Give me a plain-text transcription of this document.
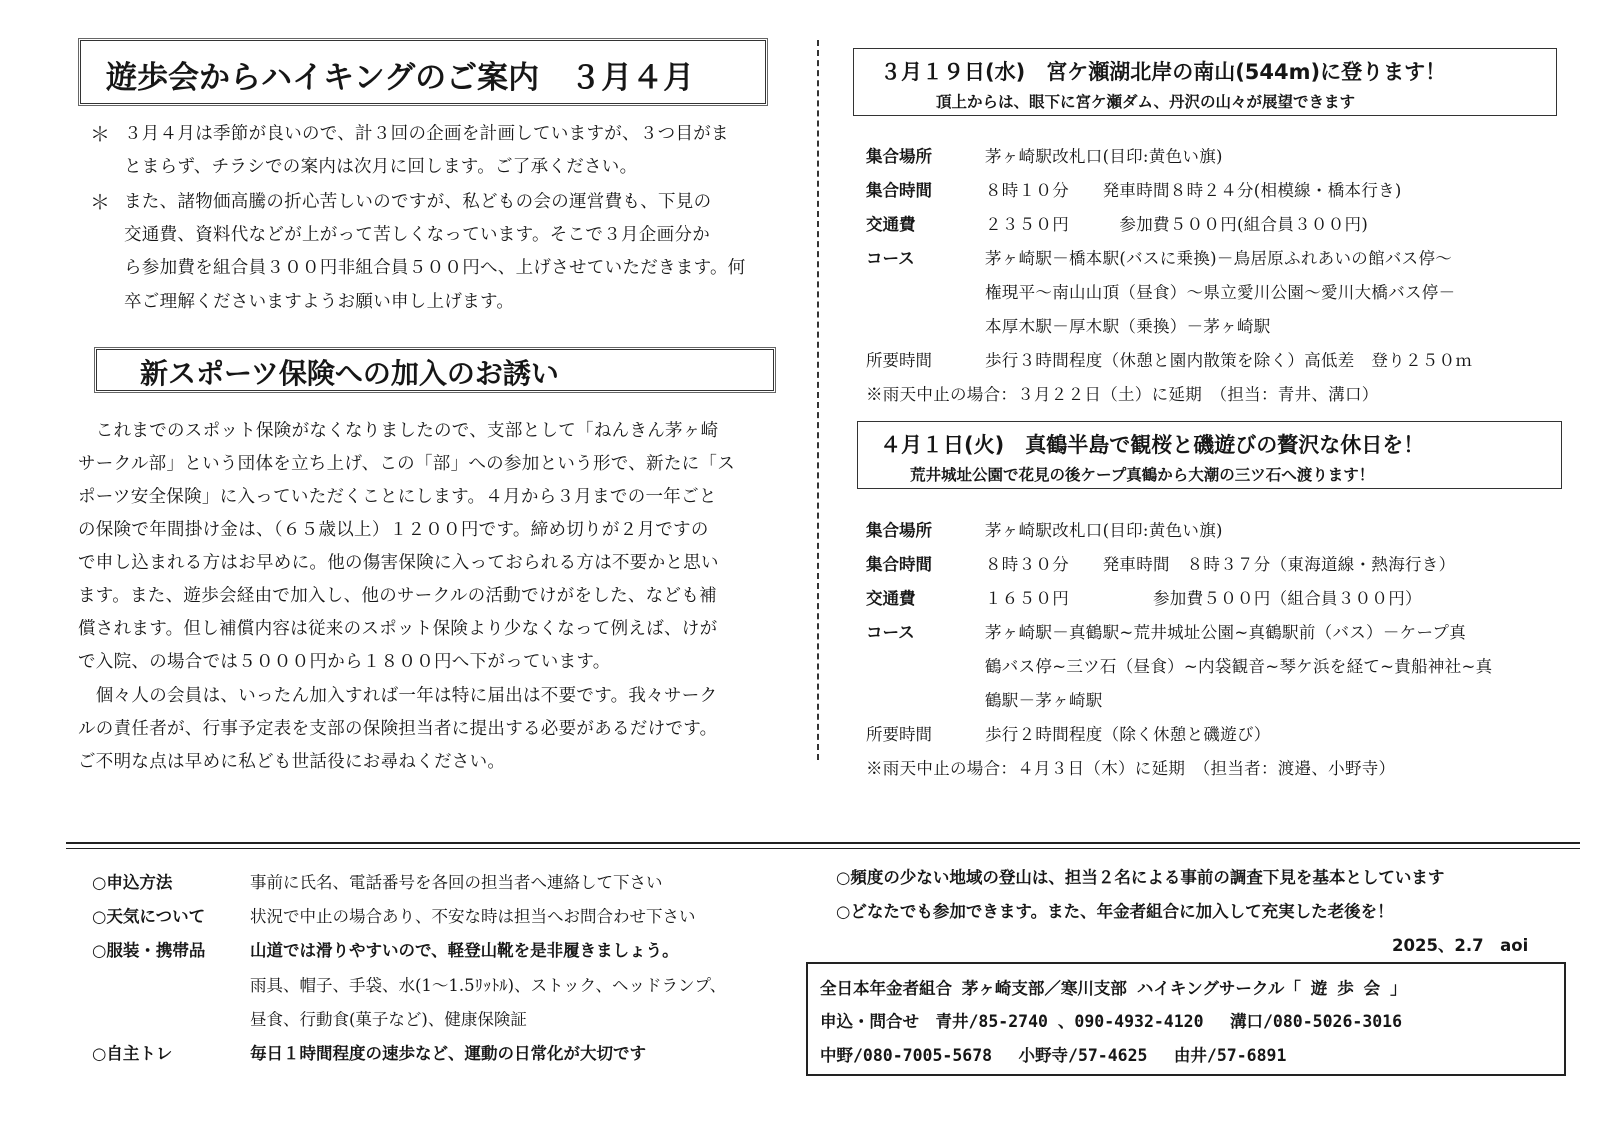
遊歩会からハイキングのご案内　３月４月
＊ ３月４月は季節が良いので、計３回の企画を計画していますが、３つ目がま
とまらず、チラシでの案内は次月に回します。ご了承ください。
＊ また、諸物価高騰の折心苦しいのですが、私どもの会の運営費も、下見の
交通費、資料代などが上がって苦しくなっています。そこで３月企画分か
ら参加費を組合員３００円非組合員５００円へ、上げさせていただきます。何
卒ご理解くださいますようお願い申し上げます。
新スポーツ保険への加入のお誘い
　これまでのスポット保険がなくなりましたので、支部として「ねんきん茅ヶ崎
サークル部」という団体を立ち上げ、この「部」への参加という形で、新たに「ス
ポーツ安全保険」に入っていただくことにします。４月から３月までの一年ごと
の保険で年間掛け金は、（６５歳以上）１２００円です。締め切りが２月ですの
で申し込まれる方はお早めに。他の傷害保険に入っておられる方は不要かと思い
ます。また、遊歩会経由で加入し、他のサークルの活動でけがをした、なども補
償されます。但し補償内容は従来のスポット保険より少なくなって例えば、けが
で入院、の場合では５０００円から１８００円へ下がっています。
　個々人の会員は、いったん加入すれば一年は特に届出は不要です。我々サーク
ルの責任者が、行事予定表を支部の保険担当者に提出する必要があるだけです。
ご不明な点は早めに私ども世話役にお尋ねください。
３月１９日(水)　宮ケ瀬湖北岸の南山(544m)に登ります！
頂上からは、眼下に宮ケ瀬ダム、丹沢の山々が展望できます
集合場所	茅ヶ崎駅改札口(目印:黄色い旗)
集合時間	８時１０分　　発車時間８時２４分(相模線・橋本行き)
交通費	２３５０円　　　参加費５００円(組合員３００円)
コース	茅ヶ崎駅－橋本駅(バスに乗換)－鳥居原ふれあいの館バス停～
権現平～南山山頂（昼食）～県立愛川公園～愛川大橋バス停－
本厚木駅－厚木駅（乗換）－茅ヶ崎駅
所要時間	歩行３時間程度（休憩と園内散策を除く）高低差　登り２５０ｍ
※雨天中止の場合：３月２２日（土）に延期　（担当：青井、溝口）
４月１日(火)　真鶴半島で観桜と磯遊びの贅沢な休日を！
荒井城址公園で花見の後ケープ真鶴から大潮の三ツ石へ渡ります！
集合場所	茅ヶ崎駅改札口(目印:黄色い旗)
集合時間	８時３０分　　発車時間　８時３７分（東海道線・熱海行き）
交通費	１６５０円　　　　　参加費５００円（組合員３００円）
コース	茅ヶ崎駅－真鶴駅~荒井城址公園~真鶴駅前（バス）－ケープ真
鶴バス停~三ツ石（昼食）~内袋観音~琴ケ浜を経て~貴船神社~真
鶴駅－茅ヶ崎駅
所要時間	歩行２時間程度（除く休憩と磯遊び）
※雨天中止の場合：４月３日（木）に延期　（担当者：渡邉、小野寺）
○申込方法	事前に氏名、電話番号を各回の担当者へ連絡して下さい
○天気について	状況で中止の場合あり、不安な時は担当へお問合わせ下さい
○服装・携帯品	山道では滑りやすいので、軽登山靴を是非履きましょう。
雨具、帽子、手袋、水(1～1.5ﾘｯﾄﾙ)、ストック、ヘッドランプ、
昼食、行動食(菓子など)、健康保険証
○自主トレ	毎日１時間程度の速歩など、運動の日常化が大切です
○頻度の少ない地域の登山は、担当２名による事前の調査下見を基本としています
○どなたでも参加できます。また、年金者組合に加入して充実した老後を！
2025、2.7　aoi
全日本年金者組合 茅ヶ崎支部／寒川支部 ハイキングサークル「 遊 歩 会 」
申込・問合せ　青井/85-2740 、090-4932-4120　 溝口/080-5026-3016
中野/080-7005-5678　 小野寺/57-4625　 由井/57-6891
